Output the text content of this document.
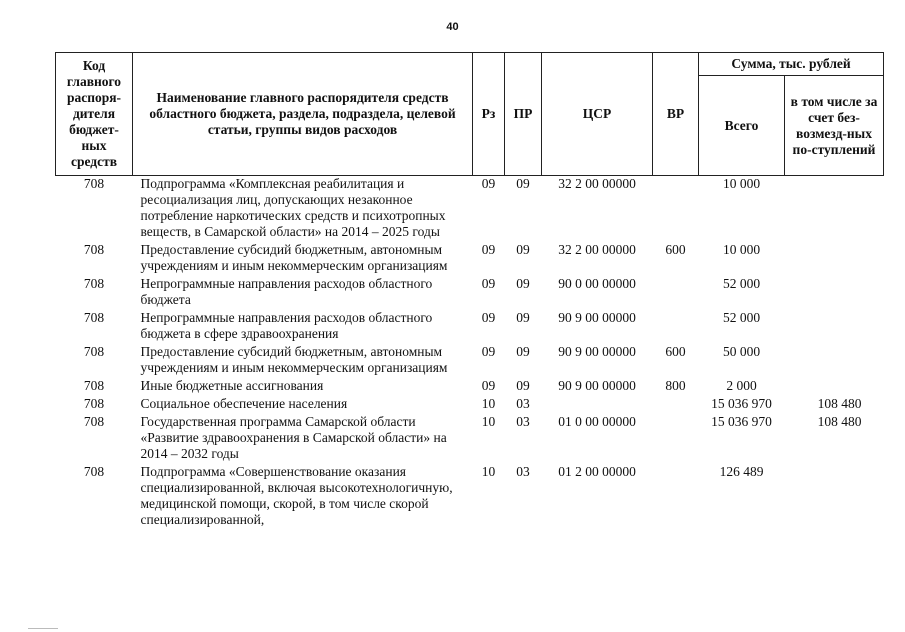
40
Код главного распоря-дителя бюджет-ных средств	Наименование главного распорядителя средств областного бюджета, раздела, подраздела, целевой статьи, группы видов расходов	Рз	ПР	ЦСР	ВР	Сумма, тыс. рублей	
						Всего	в том числе за счет без-возмезд-ных по-ступлений
708	Подпрограмма «Комплексная реабилитация и ресоциализация лиц, допускающих незаконное потребление наркотических средств и психотропных веществ, в Самарской области» на 2014 – 2025 годы	09	09	32 2 00 00000		10 000	
708	Предоставление субсидий бюджетным, автономным учреждениям и иным некоммерческим организациям	09	09	32 2 00 00000	600	10 000	
708	Непрограммные направления расходов областного бюджета	09	09	90 0 00 00000		52 000	
708	Непрограммные направления расходов областного бюджета в сфере здравоохранения	09	09	90 9 00 00000		52 000	
708	Предоставление субсидий бюджетным, автономным учреждениям и иным некоммерческим организациям	09	09	90 9 00 00000	600	50 000	
708	Иные бюджетные ассигнования	09	09	90 9 00 00000	800	2 000	
708	Социальное обеспечение населения	10	03			15 036 970	108 480
708	Государственная программа Самарской области «Развитие здравоохранения в Самарской области» на 2014 – 2032 годы	10	03	01 0 00 00000		15 036 970	108 480
708	Подпрограмма «Совершенствование оказания специализированной, включая высокотехнологичную, медицинской помощи, скорой, в том числе скорой специализированной,	10	03	01 2 00 00000		126 489	
